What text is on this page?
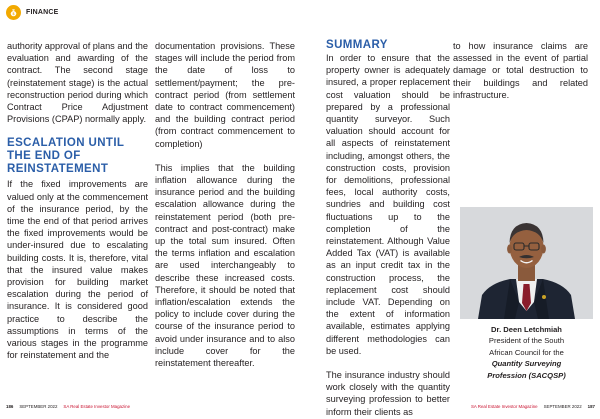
$ FINANCE

authority approval of plans and the evaluation and awarding of the contract. The second stage (reinstatement stage) is the actual reconstruction period during which Contract Price Adjustment Provisions (CPAP) normally apply.

ESCALATION UNTIL THE END OF REINSTATEMENT

If the fixed improvements are valued only at the commencement of the insurance period, by the time the end of that period arrives the fixed improvements would be under-insured due to escalating building costs. It is, therefore, vital that the insured value makes provision for building market escalation during the period of insurance. It is considered good practice to describe the assumptions in terms of the various stages in the programme for reinstatement and the

documentation provisions. These stages will include the period from the date of loss to settlement/payment; the pre-contract period (from settlement date to contract commencement) and the building contract period (from contract commencement to completion)

This implies that the building inflation allowance during the insurance period and the building escalation allowance during the reinstatement period (both pre-contract and post-contract) make up the total sum insured. Often the terms inflation and escalation are used interchangeably to describe these increased costs. Therefore, it should be noted that inflation/escalation extends the policy to include cover during the course of the insurance period to avoid under insurance and to also include cover for the reinstatement thereafter.

186 SEPTEMBER 2022 SA Real Estate Investor Magazine
SUMMARY

In order to ensure that the property owner is adequately insured, a proper replacement cost valuation should be prepared by a professional quantity surveyor. Such valuation should account for all aspects of reinstatement including, amongst others, the construction costs, provision for demolitions, professional fees, local authority costs, sundries and building cost fluctuations up to the completion of the reinstatement. Although Value Added Tax (VAT) is available as an input credit tax in the construction process, the replacement cost should include VAT. Depending on the extent of information available, estimates applying different methodologies can be used.

The insurance industry should work closely with the quantity surveying profession to better inform their clients as

to how insurance claims are assessed in the event of partial damage or total destruction to their buildings and related infrastructure.

Dr. Deen Letchmiah
President of the South
African Council for the
Quantity Surveying
Profession (SACQSP)
SA Real Estate Investor Magazine SEPTEMBER 2022 187
